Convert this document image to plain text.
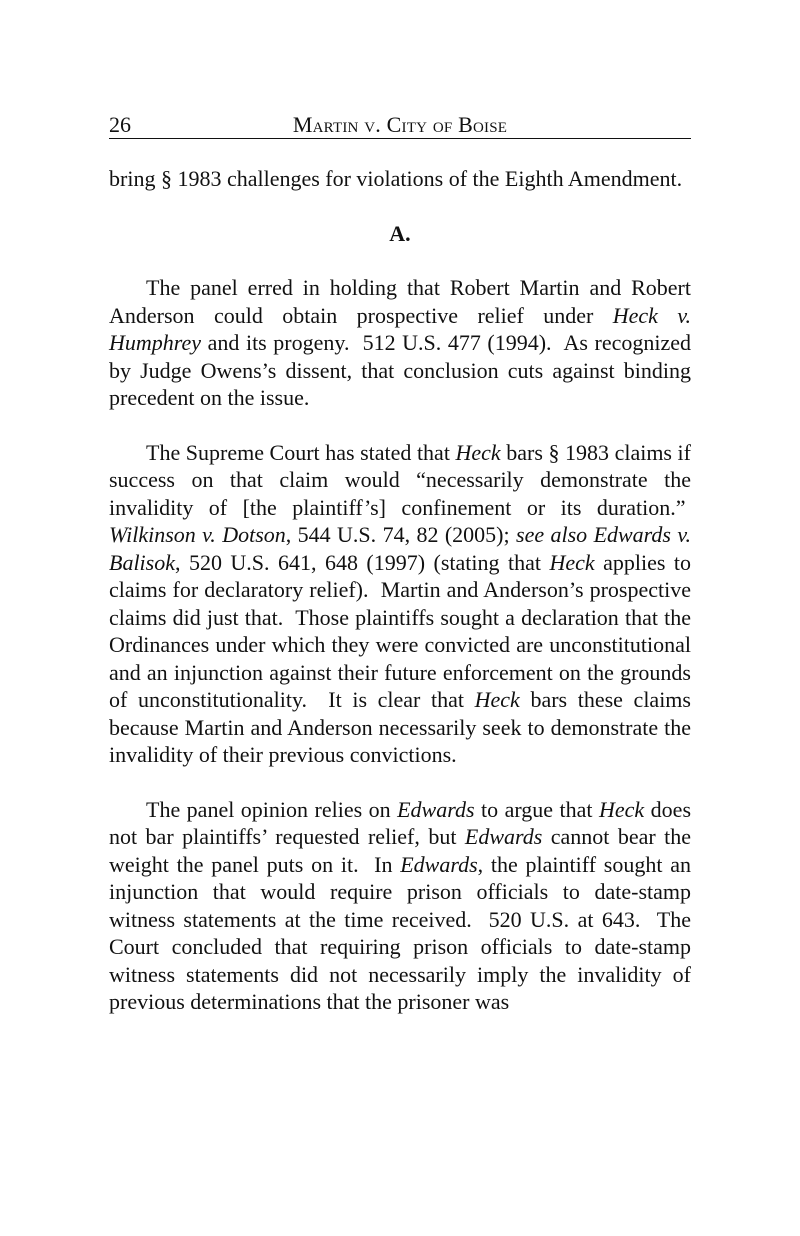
26	Martin v. City of Boise

bring § 1983 challenges for violations of the Eighth Amendment.

A.

The panel erred in holding that Robert Martin and Robert Anderson could obtain prospective relief under Heck v. Humphrey and its progeny.  512 U.S. 477 (1994).  As recognized by Judge Owens’s dissent, that conclusion cuts against binding precedent on the issue.

The Supreme Court has stated that Heck bars § 1983 claims if success on that claim would “necessarily demonstrate the invalidity of [the plaintiff’s] confinement or its duration.”  Wilkinson v. Dotson, 544 U.S. 74, 82 (2005); see also Edwards v. Balisok, 520 U.S. 641, 648 (1997) (stating that Heck applies to claims for declaratory relief).  Martin and Anderson’s prospective claims did just that.  Those plaintiffs sought a declaration that the Ordinances under which they were convicted are unconstitutional and an injunction against their future enforcement on the grounds of unconstitutionality.  It is clear that Heck bars these claims because Martin and Anderson necessarily seek to demonstrate the invalidity of their previous convictions.

The panel opinion relies on Edwards to argue that Heck does not bar plaintiffs’ requested relief, but Edwards cannot bear the weight the panel puts on it.  In Edwards, the plaintiff sought an injunction that would require prison officials to date-stamp witness statements at the time received.  520 U.S. at 643.  The Court concluded that requiring prison officials to date-stamp witness statements did not necessarily imply the invalidity of previous determinations that the prisoner was
